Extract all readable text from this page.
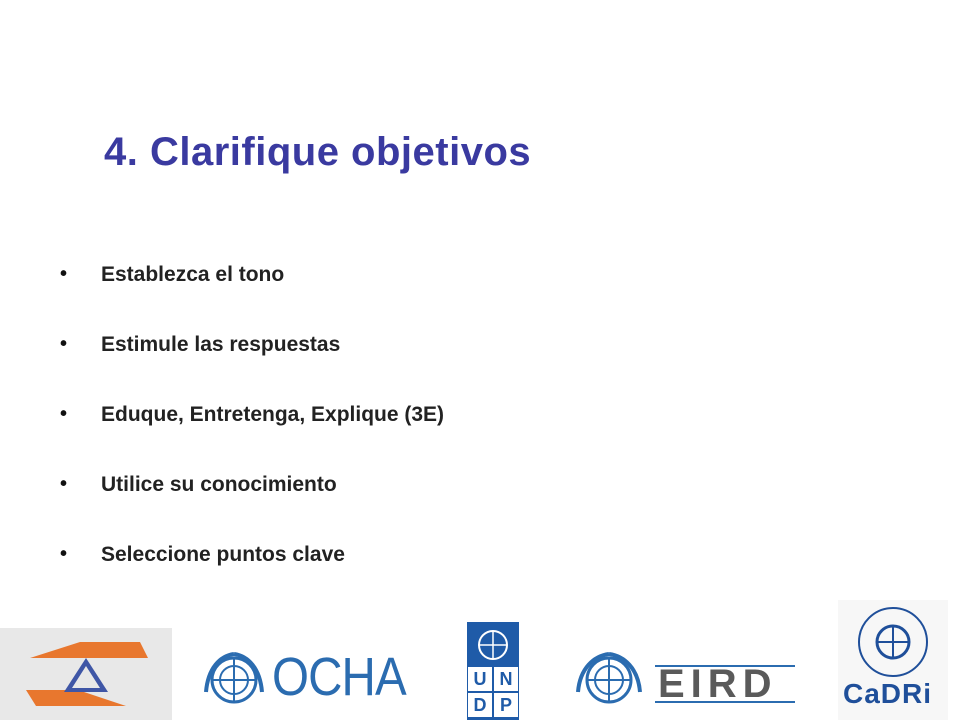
4. Clarifique objetivos
• Establezca el tono
• Estimule las respuestas
• Eduque, Entretenga, Explique (3E)
• Utilice su conocimiento
• Seleccione puntos clave
OCHA	U N
D P	EIRD CaDRi
